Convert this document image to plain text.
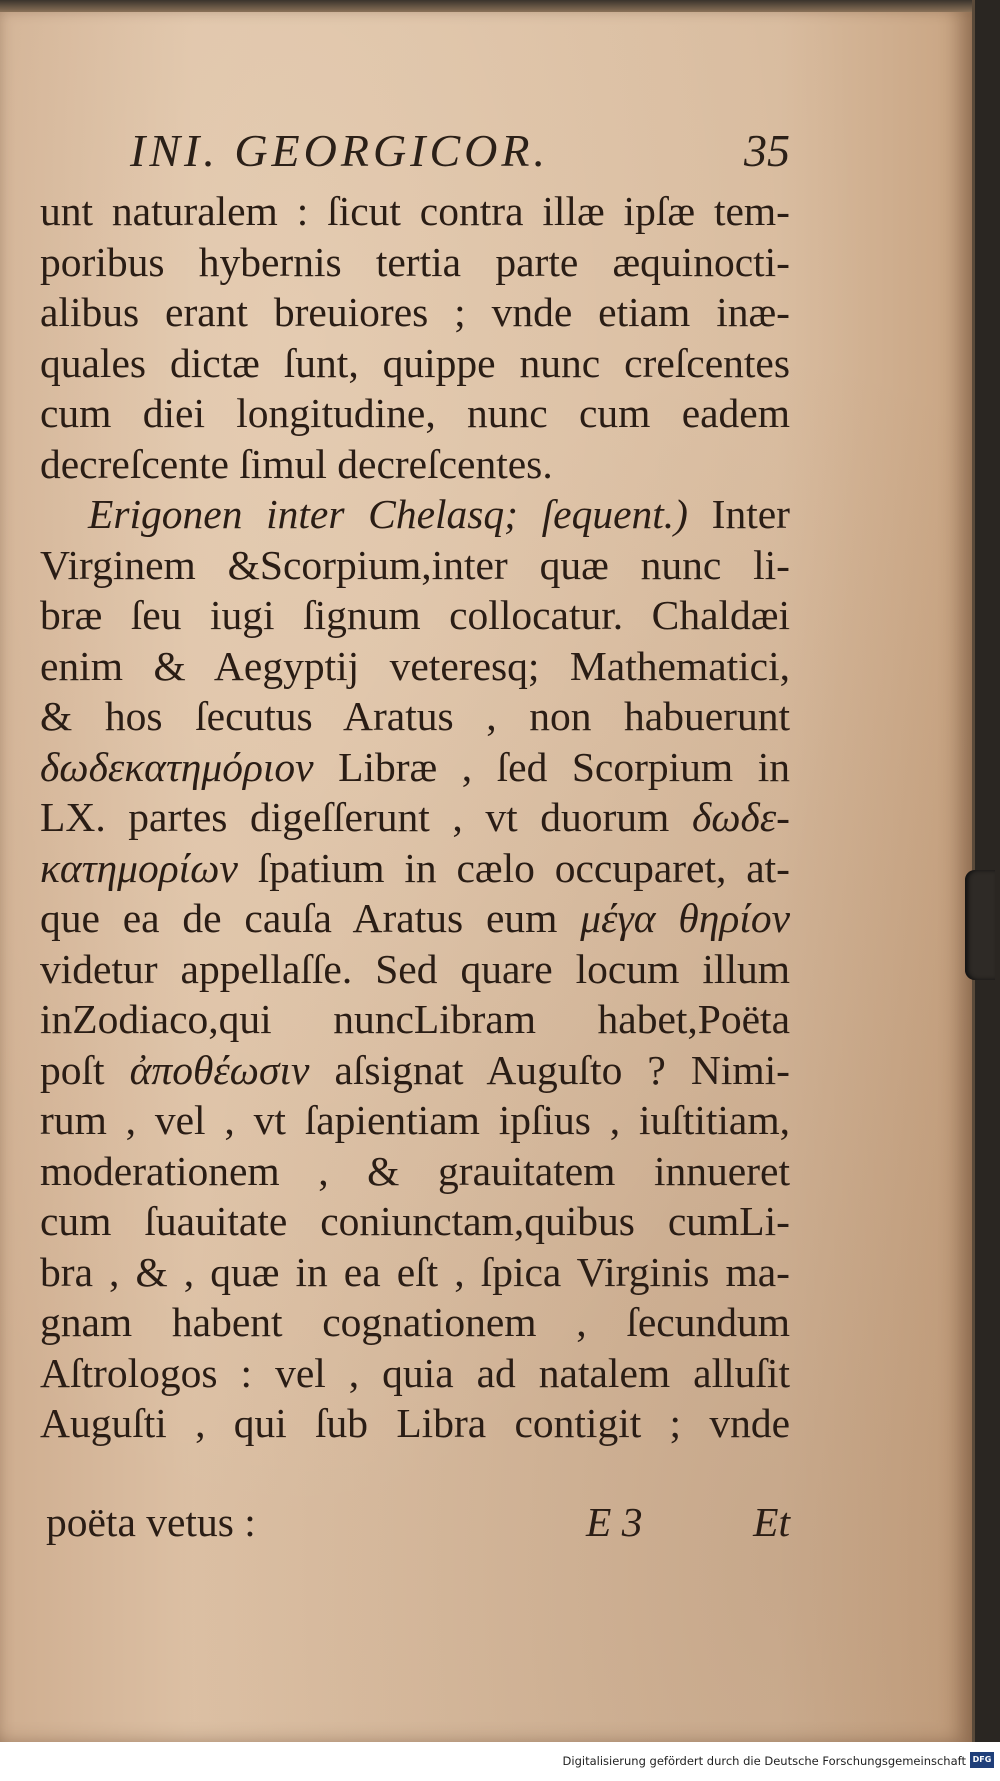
INI. GEORGICOR.	35
unt naturalem : ſicut contra illæ ipſæ tem-
poribus hybernis tertia parte æquinocti-
alibus erant breuiores ; vnde etiam inæ-
quales dictæ ſunt, quippe nunc creſcentes
cum diei longitudine, nunc cum eadem
decreſcente ſimul decreſcentes.
Erigonen inter Chelasq; ſequent.) Inter
Virginem &Scorpium,inter quæ nunc li-
bræ ſeu iugi ſignum collocatur. Chaldæi
enim & Aegyptij veteresq; Mathematici,
& hos ſecutus Aratus , non habuerunt
δωδεκατημόριον Libræ , ſed Scorpium in
LX. partes digeſſerunt , vt duorum δωδε-
κατημορίων ſpatium in cælo occuparet, at-
que ea de cauſa Aratus eum μέγα θηρίον
videtur appellaſſe. Sed quare locum illum
inZodiaco,qui nuncLibram habet,Poëta
poſt ἀποθέωσιν aſsignat Auguſto ? Nimi-
rum , vel , vt ſapientiam ipſius , iuſtitiam,
moderationem , & grauitatem innueret
cum ſuauitate coniunctam,quibus cumLi-
bra , & , quæ in ea eſt , ſpica Virginis ma-
gnam habent cognationem , ſecundum
Aſtrologos : vel , quia ad natalem alluſit
Auguſti , qui ſub Libra contigit ; vnde
poëta vetus :	E 3	Et
Digitalisierung gefördert durch die Deutsche Forschungsgemeinschaft DFG
